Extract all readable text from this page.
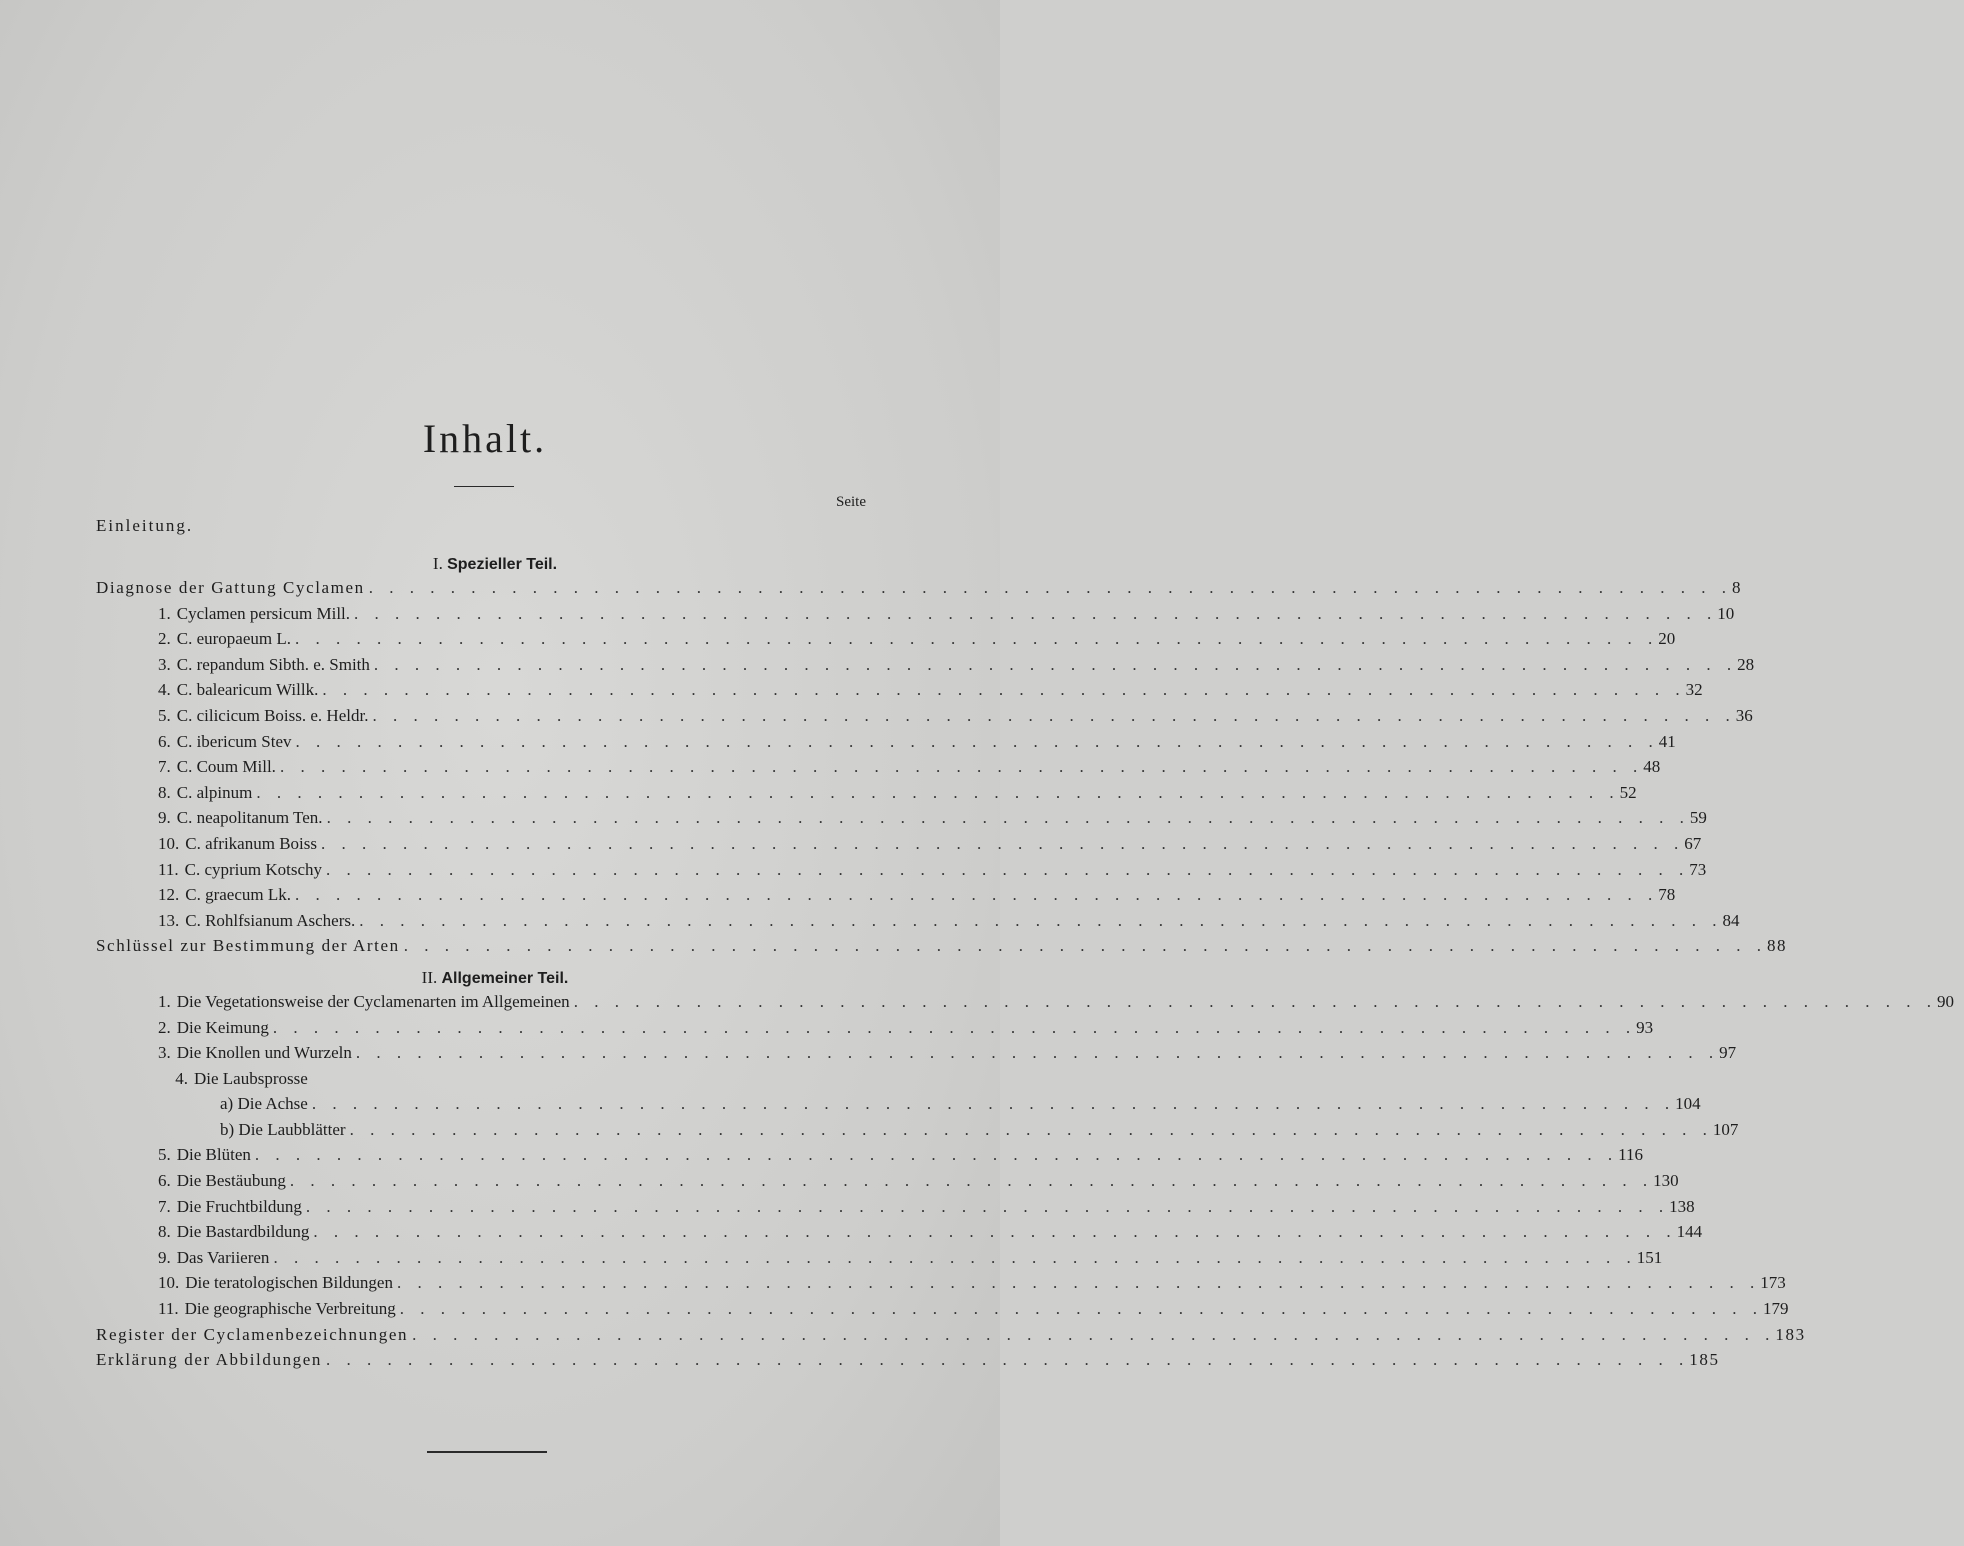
Inhalt.
Seite
Einleitung.
I. Spezieller Teil.
Diagnose der Gattung Cyclamen . . .	8
1. Cyclamen persicum Mill. . . .	10
2. C. europaeum L. . . .	20
3. C. repandum Sibth. e. Smith . . .	28
4. C. balearicum Willk. . . .	32
5. C. cilicicum Boiss. e. Heldr. . . .	36
6. C. ibericum Stev . . .	41
7. C. Coum Mill. . . .	48
8. C. alpinum . . .	52
9. C. neapolitanum Ten. . . .	59
10. C. afrikanum Boiss . . .	67
11. C. cyprium Kotschy . . .	73
12. C. graecum Lk. . . .	78
13. C. Rohlfsianum Aschers. . . .	84
Schlüssel zur Bestimmung der Arten . . .	88
II. Allgemeiner Teil.
1. Die Vegetationsweise der Cyclamenarten im Allgemeinen . . .	90
2. Die Keimung . . .	93
3. Die Knollen und Wurzeln . . .	97
4. Die Laubsprosse
a) Die Achse . . .	104
b) Die Laubblätter . . .	107
5. Die Blüten . . .	116
6. Die Bestäubung . . .	130
7. Die Fruchtbildung . . .	138
8. Die Bastardbildung . . .	144
9. Das Variieren . . .	151
10. Die teratologischen Bildungen . . .	173
11. Die geographische Verbreitung . . .	179
Register der Cyclamenbezeichnungen . . .	183
Erklärung der Abbildungen . . .	185
